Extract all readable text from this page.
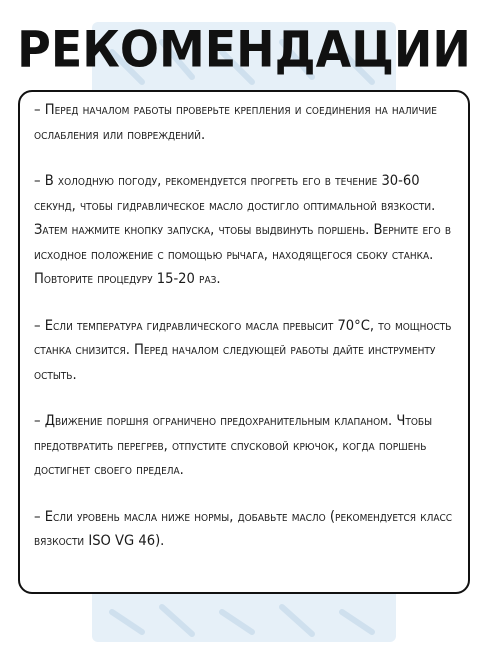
РЕКОМЕНДАЦИИ

– Перед началом работы проверьте крепления и соединения на наличие ослабления или повреждений.

– В холодную погоду, рекомендуется прогреть его в течение 30-60 секунд, чтобы гидравлическое масло достигло оптимальной вязкости. Затем нажмите кнопку запуска, чтобы выдвинуть поршень. Верните его в исходное положение с помощью рычага, находящегося сбоку станка. Повторите процедуру 15-20 раз.

– Если температура гидравлического масла превысит 70°C, то мощность станка снизится. Перед началом следующей работы дайте инструменту остыть.

– Движение поршня ограничено предохранительным клапаном. Чтобы предотвратить перегрев, отпустите спусковой крючок, когда поршень достигнет своего предела.

– Если уровень масла ниже нормы, добавьте масло (рекомендуется класс вязкости ISO VG 46).
